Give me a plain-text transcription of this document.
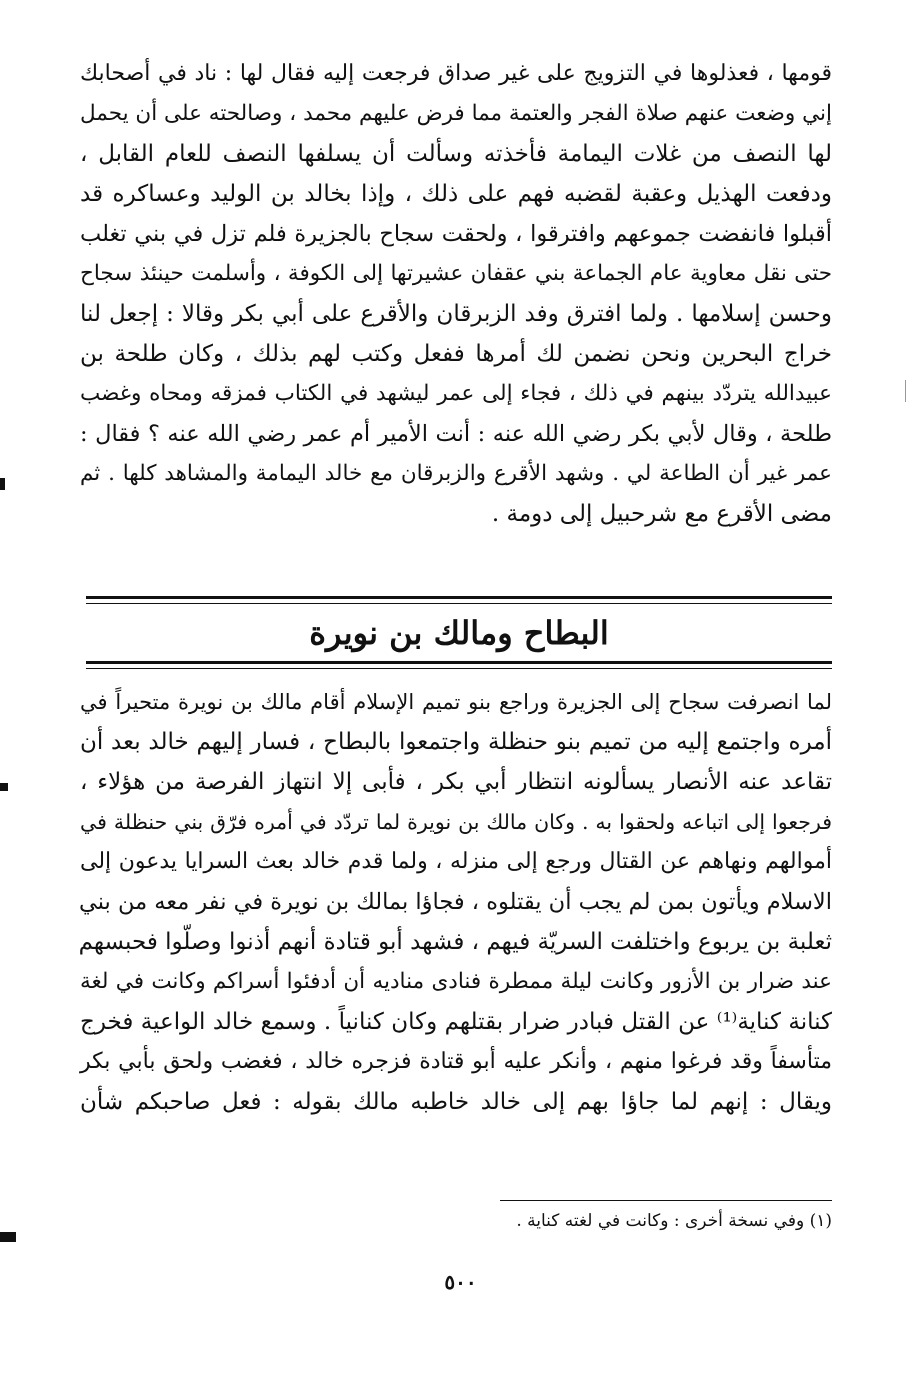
قومها ، فعذلوها في التزويج على غير صداق فرجعت إليه فقال لها : ناد في أصحابك
إني وضعت عنهم صلاة الفجر والعتمة مما فرض عليهم محمد ، وصالحته على أن يحمل
لها النصف من غلات اليمامة فأخذته وسألت أن يسلفها النصف للعام القابل ،
ودفعت الهذيل وعقبة لقضبه فهم على ذلك ، وإذا بخالد بن الوليد وعساكره قد
أقبلوا فانفضت جموعهم وافترقوا ، ولحقت سجاح بالجزيرة فلم تزل في بني تغلب
حتى نقل معاوية عام الجماعة بني عقفان عشيرتها إلى الكوفة ، وأسلمت حينئذ سجاح
وحسن إسلامها . ولما افترق وفد الزبرقان والأقرع على أبي بكر وقالا : إجعل لنا
خراج البحرين ونحن نضمن لك أمرها ففعل وكتب لهم بذلك ، وكان طلحة بن
عبيدالله يتردّد بينهم في ذلك ، فجاء إلى عمر ليشهد في الكتاب فمزقه ومحاه وغضب
طلحة ، وقال لأبي بكر رضي الله عنه : أنت الأمير أم عمر رضي الله عنه ؟ فقال :
عمر غير أن الطاعة لي . وشهد الأقرع والزبرقان مع خالد اليمامة والمشاهد كلها . ثم
مضى الأقرع مع شرحبيل إلى دومة .
البطاح ومالك بن نويرة
لما انصرفت سجاح إلى الجزيرة وراجع بنو تميم الإسلام أقام مالك بن نويرة متحيراً في
أمره واجتمع إليه من تميم بنو حنظلة واجتمعوا بالبطاح ، فسار إليهم خالد بعد أن
تقاعد عنه الأنصار يسألونه انتظار أبي بكر ، فأبى إلا انتهاز الفرصة من هؤلاء ،
فرجعوا إلى اتباعه ولحقوا به . وكان مالك بن نويرة لما تردّد في أمره فرّق بني حنظلة في
أموالهم ونهاهم عن القتال ورجع إلى منزله ، ولما قدم خالد بعث السرايا يدعون إلى
الاسلام ويأتون بمن لم يجب أن يقتلوه ، فجاؤا بمالك بن نويرة في نفر معه من بني
ثعلبة بن يربوع واختلفت السريّة فيهم ، فشهد أبو قتادة أنهم أذنوا وصلّوا فحبسهم
عند ضرار بن الأزور وكانت ليلة ممطرة فنادى مناديه أن أدفئوا أسراكم وكانت في لغة
كنانة كناية⁽¹⁾ عن القتل فبادر ضرار بقتلهم وكان كنانياً . وسمع خالد الواعية فخرج
متأسفاً وقد فرغوا منهم ، وأنكر عليه أبو قتادة فزجره خالد ، فغضب ولحق بأبي بكر
ويقال : إنهم لما جاؤا بهم إلى خالد خاطبه مالك بقوله : فعل صاحبكم شأن
(١) وفي نسخة أخرى : وكانت في لغته كناية .
٥٠٠
